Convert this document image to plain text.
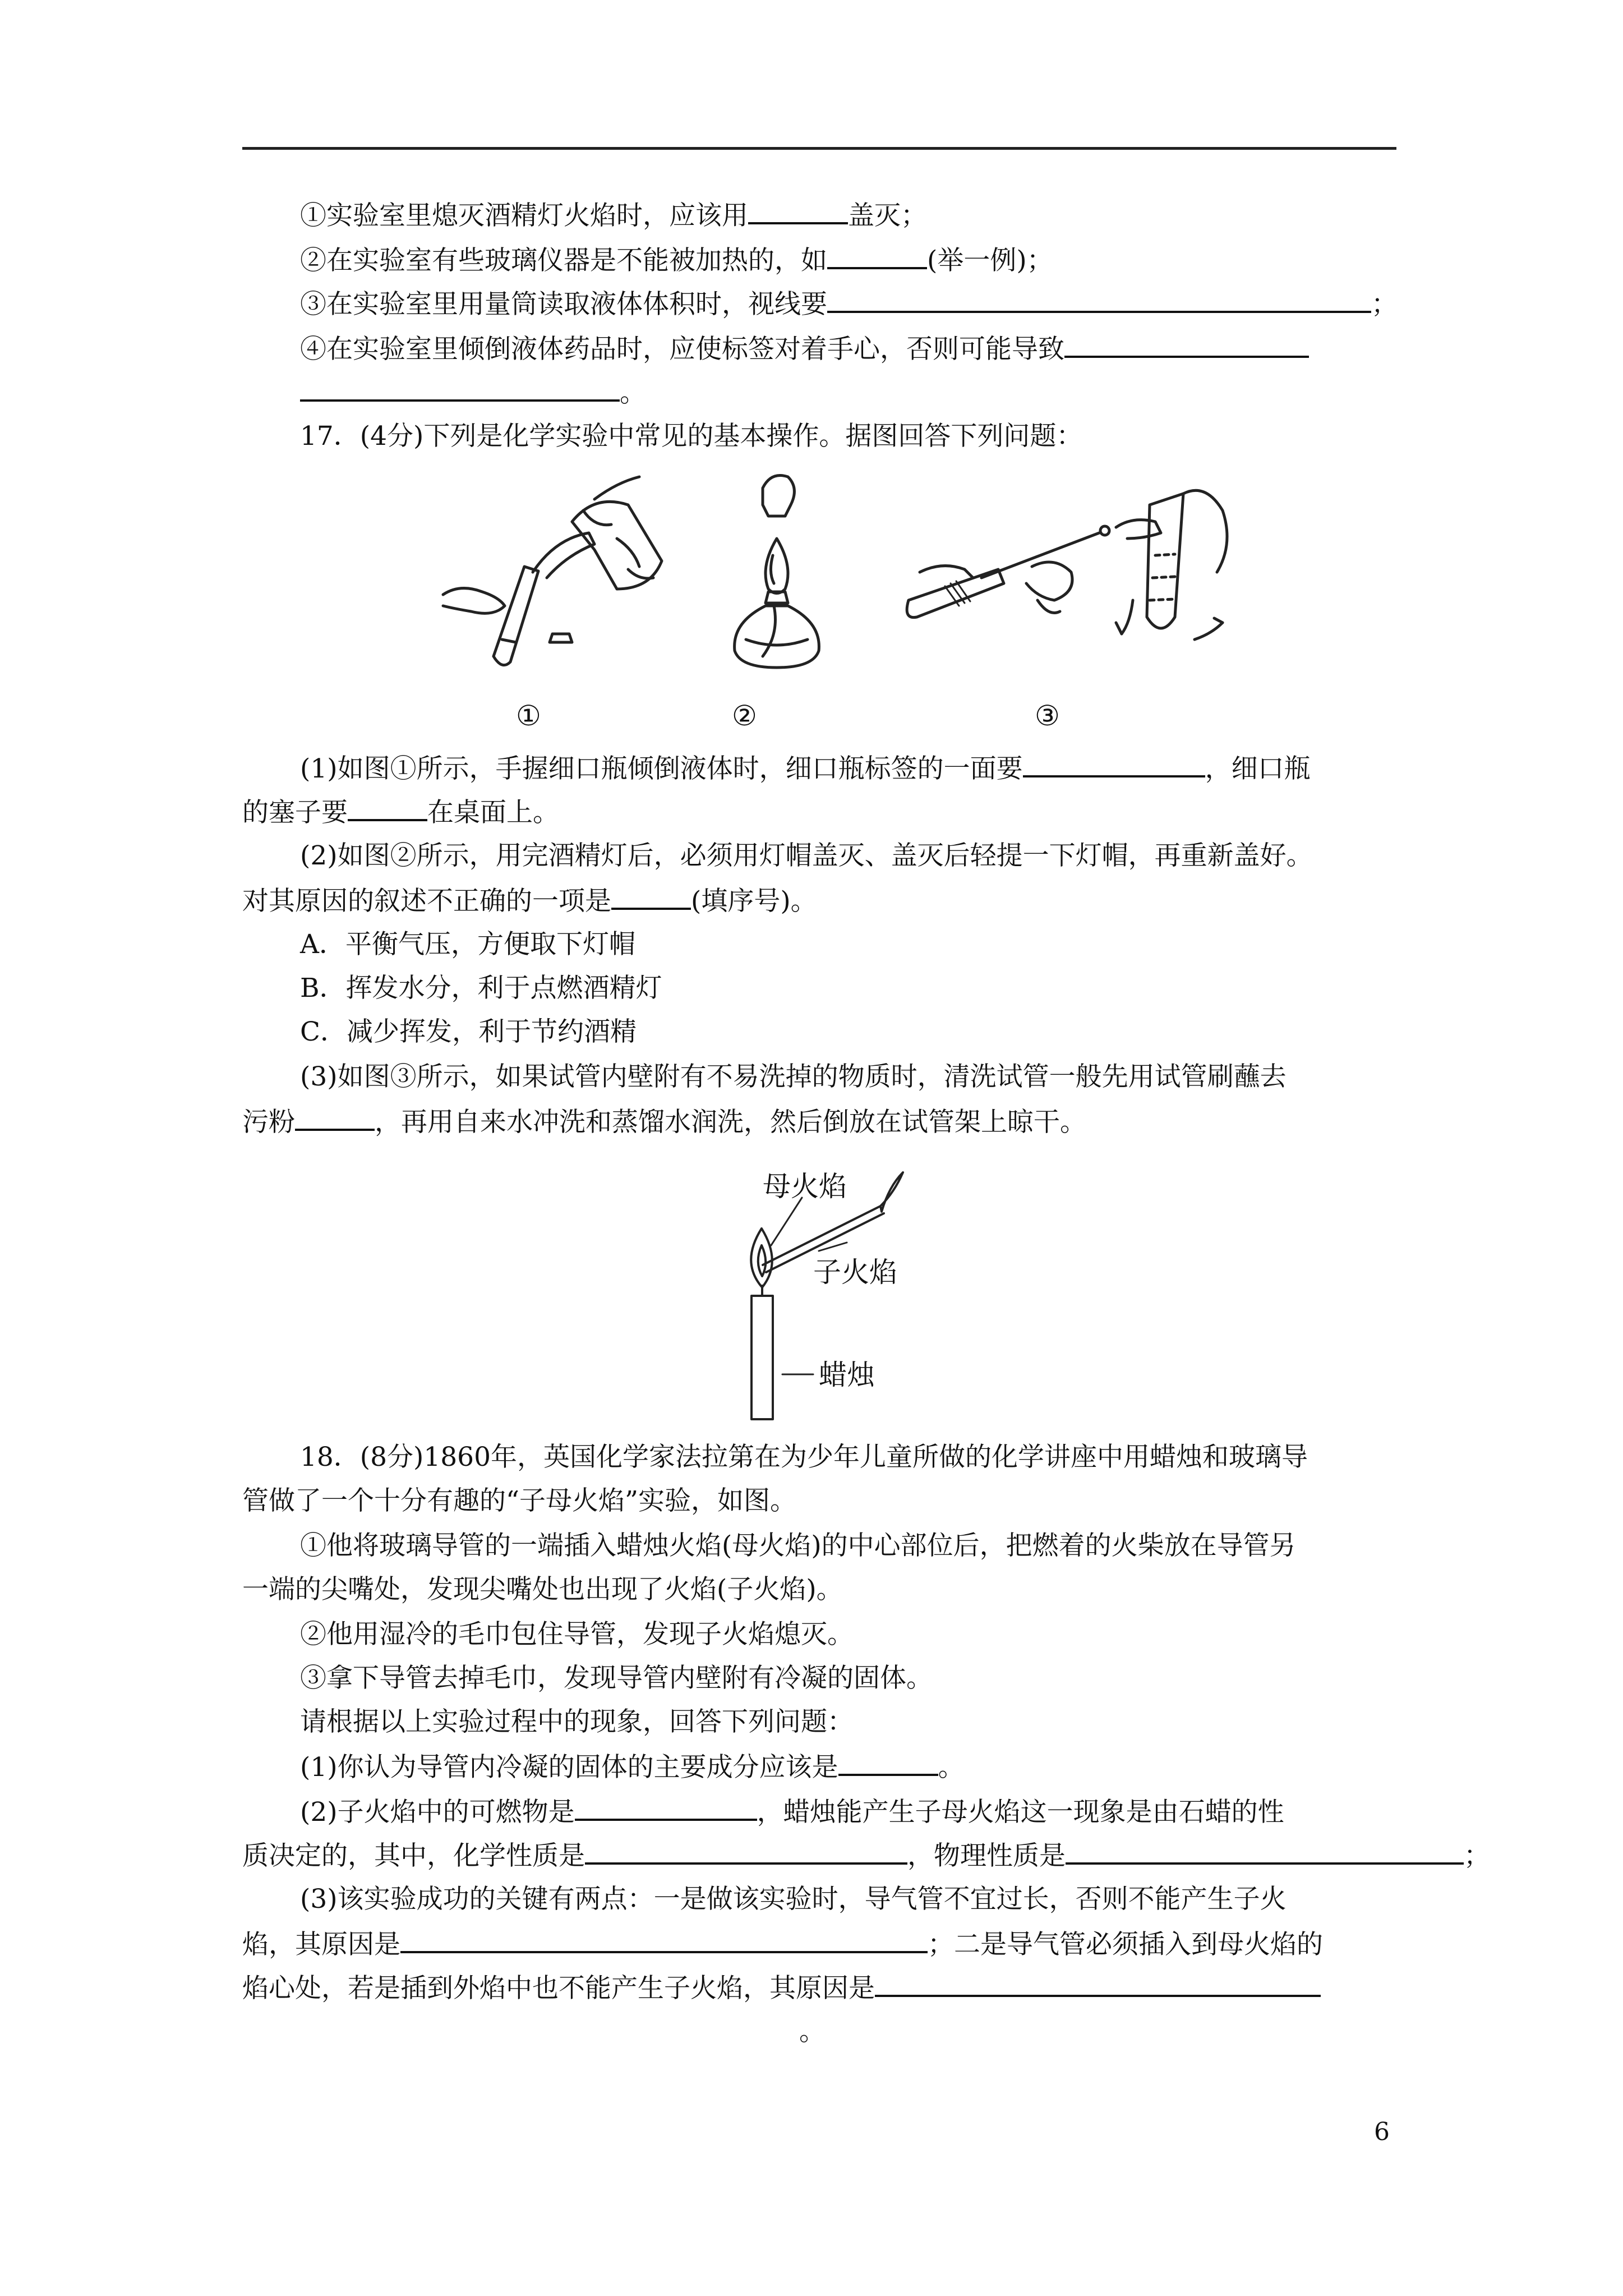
①实验室里熄灭酒精灯火焰时，应该用	盖灭；
②在实验室有些玻璃仪器是不能被加热的，如	(举一例)；
③在实验室里用量筒读取液体体积时，视线要	；
④在实验室里倾倒液体药品时，应使标签对着手心，否则可能导致
。
17．(4分)下列是化学实验中常见的基本操作。据图回答下列问题：
①	②	③
(1)如图①所示，手握细口瓶倾倒液体时，细口瓶标签的一面要	，细口瓶
的塞子要	在桌面上。
(2)如图②所示，用完酒精灯后，必须用灯帽盖灭、盖灭后轻提一下灯帽，再重新盖好。
对其原因的叙述不正确的一项是	(填序号)。
A．平衡气压，方便取下灯帽
B．挥发水分，利于点燃酒精灯
C．减少挥发，利于节约酒精
(3)如图③所示，如果试管内壁附有不易洗掉的物质时，清洗试管一般先用试管刷蘸去
污粉	，再用自来水冲洗和蒸馏水润洗，然后倒放在试管架上晾干。
母火焰
子火焰
蜡烛
18．(8分)1860年，英国化学家法拉第在为少年儿童所做的化学讲座中用蜡烛和玻璃导
管做了一个十分有趣的“子母火焰”实验，如图。
①他将玻璃导管的一端插入蜡烛火焰(母火焰)的中心部位后，把燃着的火柴放在导管另
一端的尖嘴处，发现尖嘴处也出现了火焰(子火焰)。
②他用湿冷的毛巾包住导管，发现子火焰熄灭。
③拿下导管去掉毛巾，发现导管内壁附有冷凝的固体。
请根据以上实验过程中的现象，回答下列问题：
(1)你认为导管内冷凝的固体的主要成分应该是	。
(2)子火焰中的可燃物是	，蜡烛能产生子母火焰这一现象是由石蜡的性
质决定的，其中，化学性质是	，物理性质是	；
(3)该实验成功的关键有两点：一是做该实验时，导气管不宜过长，否则不能产生子火
焰，其原因是	；二是导气管必须插入到母火焰的
焰心处，若是插到外焰中也不能产生子火焰，其原因是
。
6
